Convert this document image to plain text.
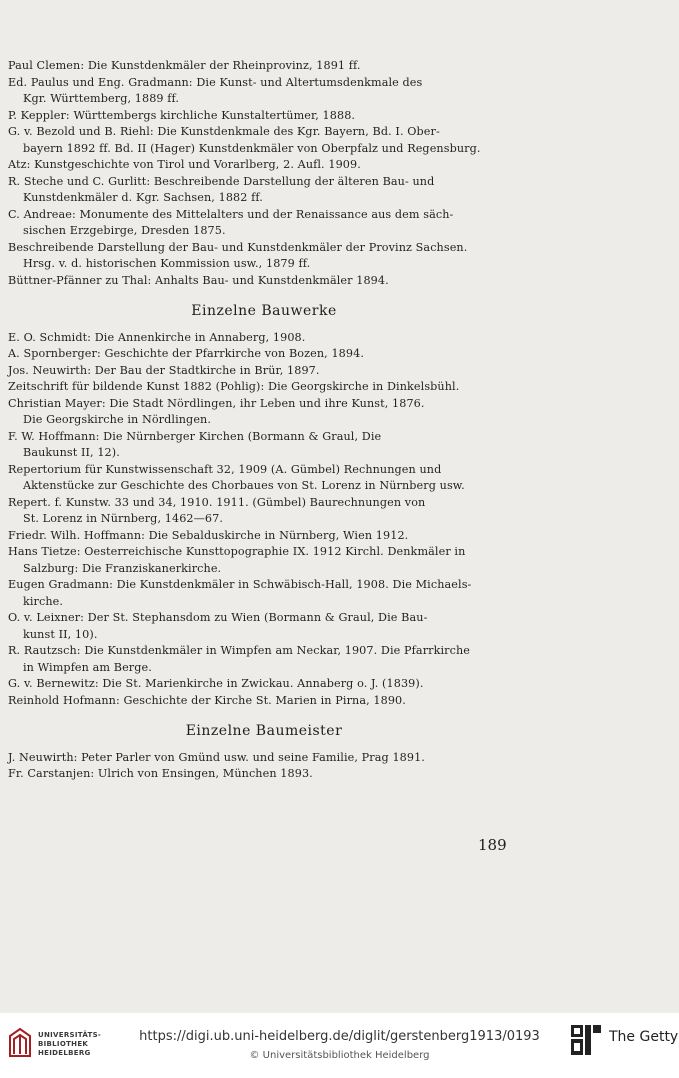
Paul Clemen: Die Kunstdenkmäler der Rheinprovinz, 1891 ff.
Ed. Paulus und Eng. Gradmann: Die Kunst- und Altertumsdenkmale des
Kgr. Württemberg, 1889 ff.
P. Keppler: Württembergs kirchliche Kunstaltertümer, 1888.
G. v. Bezold und B. Riehl: Die Kunstdenkmale des Kgr. Bayern, Bd. I. Ober-
bayern 1892 ff. Bd. II (Hager) Kunstdenkmäler von Oberpfalz und Regensburg.
Atz: Kunstgeschichte von Tirol und Vorarlberg, 2. Aufl. 1909.
R. Steche und C. Gurlitt: Beschreibende Darstellung der älteren Bau- und
Kunstdenkmäler d. Kgr. Sachsen, 1882 ff.
C. Andreae: Monumente des Mittelalters und der Renaissance aus dem säch-
sischen Erzgebirge, Dresden 1875.
Beschreibende Darstellung der Bau- und Kunstdenkmäler der Provinz Sachsen.
Hrsg. v. d. historischen Kommission usw., 1879 ff.
Büttner-Pfänner zu Thal: Anhalts Bau- und Kunstdenkmäler 1894.
Einzelne Bauwerke
E. O. Schmidt: Die Annenkirche in Annaberg, 1908.
A. Spornberger: Geschichte der Pfarrkirche von Bozen, 1894.
Jos. Neuwirth: Der Bau der Stadtkirche in Brür, 1897.
Zeitschrift für bildende Kunst 1882 (Pohlig): Die Georgskirche in Dinkelsbühl.
Christian Mayer: Die Stadt Nördlingen, ihr Leben und ihre Kunst, 1876.
Die Georgskirche in Nördlingen.
F. W. Hoffmann: Die Nürnberger Kirchen (Bormann & Graul, Die
Baukunst II, 12).
Repertorium für Kunstwissenschaft 32, 1909 (A. Gümbel) Rechnungen und
Aktenstücke zur Geschichte des Chorbaues von St. Lorenz in Nürnberg usw.
Repert. f. Kunstw. 33 und 34, 1910. 1911. (Gümbel) Baurechnungen von
St. Lorenz in Nürnberg, 1462—67.
Friedr. Wilh. Hoffmann: Die Sebalduskirche in Nürnberg, Wien 1912.
Hans Tietze: Oesterreichische Kunsttopographie IX. 1912 Kirchl. Denkmäler in
Salzburg: Die Franziskanerkirche.
Eugen Gradmann: Die Kunstdenkmäler in Schwäbisch-Hall, 1908. Die Michaels-
kirche.
O. v. Leixner: Der St. Stephansdom zu Wien (Bormann & Graul, Die Bau-
kunst II, 10).
R. Rautzsch: Die Kunstdenkmäler in Wimpfen am Neckar, 1907. Die Pfarrkirche
in Wimpfen am Berge.
G. v. Bernewitz: Die St. Marienkirche in Zwickau. Annaberg o. J. (1839).
Reinhold Hofmann: Geschichte der Kirche St. Marien in Pirna, 1890.
Einzelne Baumeister
J. Neuwirth: Peter Parler von Gmünd usw. und seine Familie, Prag 1891.
Fr. Carstanjen: Ulrich von Ensingen, München 1893.
189
UNIVERSITÄTS-
BIBLIOTHEK
HEIDELBERG
https://digi.ub.uni-heidelberg.de/diglit/gerstenberg1913/0193
© Universitätsbibliothek Heidelberg
The Getty
